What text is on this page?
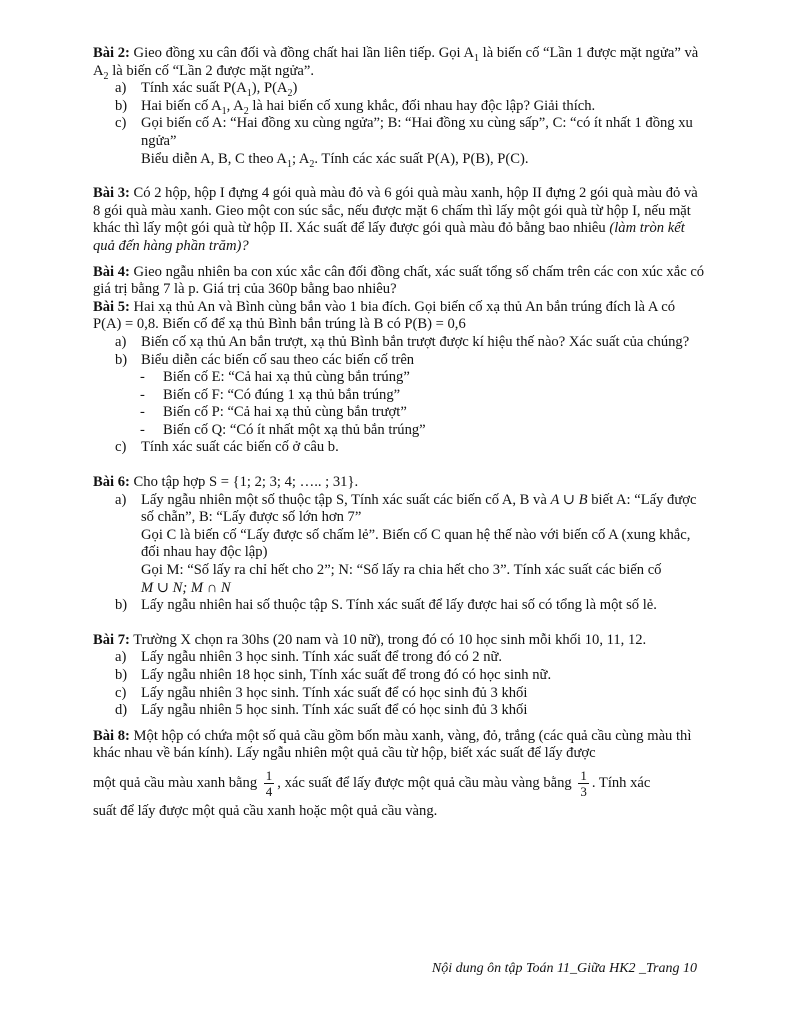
Bài 2: Gieo đồng xu cân đối và đồng chất hai lần liên tiếp. Gọi $A_1$ là biến cố “Lần 1 được mặt ngửa” và $A_2$ là biến cố “Lần 2 được mặt ngửa”.

a) Tính xác suất $P(A_1)$, $P(A_2)$
b) Hai biến cố $A_1$, $A_2$ là hai biến cố xung khắc, đối nhau hay độc lập? Giải thích.
c) Gọi biến cố A: “Hai đồng xu cùng ngửa”; B: “Hai đồng xu cùng sấp”, C: “có ít nhất 1 đồng xu ngửa”
Biểu diễn A, B, C theo $A_1$; $A_2$. Tính các xác suất P(A), P(B), P(C).

Bài 3: Có 2 hộp, hộp I đựng 4 gói quà màu đỏ và 6 gói quà màu xanh, hộp II đựng 2 gói quà màu đỏ và 8 gói quà màu xanh. Gieo một con súc sắc, nếu được mặt 6 chấm thì lấy một gói quà từ hộp I, nếu mặt khác thì lấy một gói quà từ hộp II. Xác suất để lấy được gói quà màu đỏ bằng bao nhiêu (làm tròn kết quả đến hàng phần trăm)?

Bài 4: Gieo ngẫu nhiên ba con xúc xắc cân đối đồng chất, xác suất tổng số chấm trên các con xúc xắc có giá trị bằng 7 là p. Giá trị của 360p bằng bao nhiêu?

Bài 5: Hai xạ thủ An và Bình cùng bắn vào 1 bia đích. Gọi biến cố xạ thủ An bắn trúng đích là A có P(A) = 0,8. Biến cố để xạ thủ Bình bắn trúng là B có P(B) = 0,6

a) Biến cố xạ thủ An bắn trượt, xạ thủ Bình bắn trượt được kí hiệu thế nào? Xác suất của chúng?
b) Biểu diễn các biến cố sau theo các biến cố trên
- Biến cố E: “Cả hai xạ thủ cùng bắn trúng”
- Biến cố F: “Có đúng 1 xạ thủ bắn trúng”
- Biến cố P: “Cả hai xạ thủ cùng bắn trượt”
- Biến cố Q: “Có ít nhất một xạ thủ bắn trúng”
c) Tính xác suất các biến cố ở câu b.

Bài 6: Cho tập hợp S = {1; 2; 3; 4; ….. ; 31}.

a) Lấy ngẫu nhiên một số thuộc tập S, Tính xác suất các biến cố A, B và A ∪ B biết A: “Lấy được số chẵn”, B: “Lấy được số lớn hơn 7”
Gọi C là biến cố “Lấy được số chấm lẻ”. Biến cố C quan hệ thế nào với biến cố A (xung khắc, đối nhau hay độc lập)
Gọi M: “Số lấy ra chỉ hết cho 2”; N: “Số lấy ra chia hết cho 3”. Tính xác suất các biến cố
M ∪ N; M ∩ N
b) Lấy ngẫu nhiên hai số thuộc tập S. Tính xác suất để lấy được hai số có tổng là một số lẻ.

Bài 7: Trường X chọn ra 30hs (20 nam và 10 nữ), trong đó có 10 học sinh mỗi khối 10, 11, 12.

a) Lấy ngẫu nhiên 3 học sinh. Tính xác suất để trong đó có 2 nữ.
b) Lấy ngẫu nhiên 18 học sinh, Tính xác suất để trong đó có học sinh nữ.
c) Lấy ngẫu nhiên 3 học sinh. Tính xác suất để có học sinh đủ 3 khối
d) Lấy ngẫu nhiên 5 học sinh. Tính xác suất để có học sinh đủ 3 khối

Bài 8: Một hộp có chứa một số quả cầu gồm bốn màu xanh, vàng, đỏ, trắng (các quả cầu cùng màu thì khác nhau về bán kính). Lấy ngẫu nhiên một quả cầu từ hộp, biết xác suất để lấy được

một quả cầu màu xanh bằng $\frac{1}{4}$ , xác suất để lấy được một quả cầu màu vàng bằng $\frac{1}{3}$ . Tính xác

suất để lấy được một quả cầu xanh hoặc một quả cầu vàng.

Nội dung ôn tập Toán 11_Giữa HK2 _Trang 10
